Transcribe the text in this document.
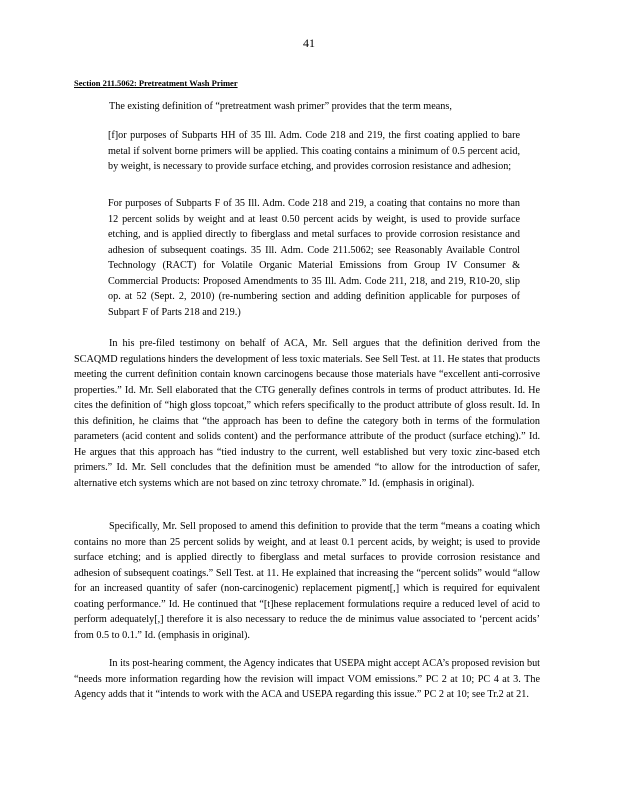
41
Section 211.5062: Pretreatment Wash Primer

The existing definition of “pretreatment wash primer” provides that the term means,

[f]or purposes of Subparts HH of 35 Ill. Adm. Code 218 and 219, the first coating applied to bare metal if solvent borne primers will be applied. This coating contains a minimum of 0.5 percent acid, by weight, is necessary to provide surface etching, and provides corrosion resistance and adhesion;

For purposes of Subparts F of 35 Ill. Adm. Code 218 and 219, a coating that contains no more than 12 percent solids by weight and at least 0.50 percent acids by weight, is used to provide surface etching, and is applied directly to fiberglass and metal surfaces to provide corrosion resistance and adhesion of subsequent coatings. 35 Ill. Adm. Code 211.5062; see Reasonably Available Control Technology (RACT) for Volatile Organic Material Emissions from Group IV Consumer & Commercial Products: Proposed Amendments to 35 Ill. Adm. Code 211, 218, and 219, R10-20, slip op. at 52 (Sept. 2, 2010) (re-numbering section and adding definition applicable for purposes of Subpart F of Parts 218 and 219.)

In his pre-filed testimony on behalf of ACA, Mr. Sell argues that the definition derived from the SCAQMD regulations hinders the development of less toxic materials. See Sell Test. at 11. He states that products meeting the current definition contain known carcinogens because those materials have “excellent anti-corrosive properties.” Id. Mr. Sell elaborated that the CTG generally defines controls in terms of product attributes. Id. He cites the definition of “high gloss topcoat,” which refers specifically to the product attribute of gloss result. Id. In this definition, he claims that “the approach has been to define the category both in terms of the formulation parameters (acid content and solids content) and the performance attribute of the product (surface etching).” Id. He argues that this approach has “tied industry to the current, well established but very toxic zinc-based etch primers.” Id. Mr. Sell concludes that the definition must be amended “to allow for the introduction of safer, alternative etch systems which are not based on zinc tetroxy chromate.” Id. (emphasis in original).

Specifically, Mr. Sell proposed to amend this definition to provide that the term “means a coating which contains no more than 25 percent solids by weight, and at least 0.1 percent acids, by weight; is used to provide surface etching; and is applied directly to fiberglass and metal surfaces to provide corrosion resistance and adhesion of subsequent coatings.” Sell Test. at 11. He explained that increasing the “percent solids” would “allow for an increased quantity of safer (non-carcinogenic) replacement pigment[,] which is required for equivalent coating performance.” Id. He continued that “[t]hese replacement formulations require a reduced level of acid to perform adequately[,] therefore it is also necessary to reduce the de minimus value associated to ‘percent acids’ from 0.5 to 0.1.” Id. (emphasis in original).

In its post-hearing comment, the Agency indicates that USEPA might accept ACA’s proposed revision but “needs more information regarding how the revision will impact VOM emissions.” PC 2 at 10; PC 4 at 3. The Agency adds that it “intends to work with the ACA and USEPA regarding this issue.” PC 2 at 10; see Tr.2 at 21.
